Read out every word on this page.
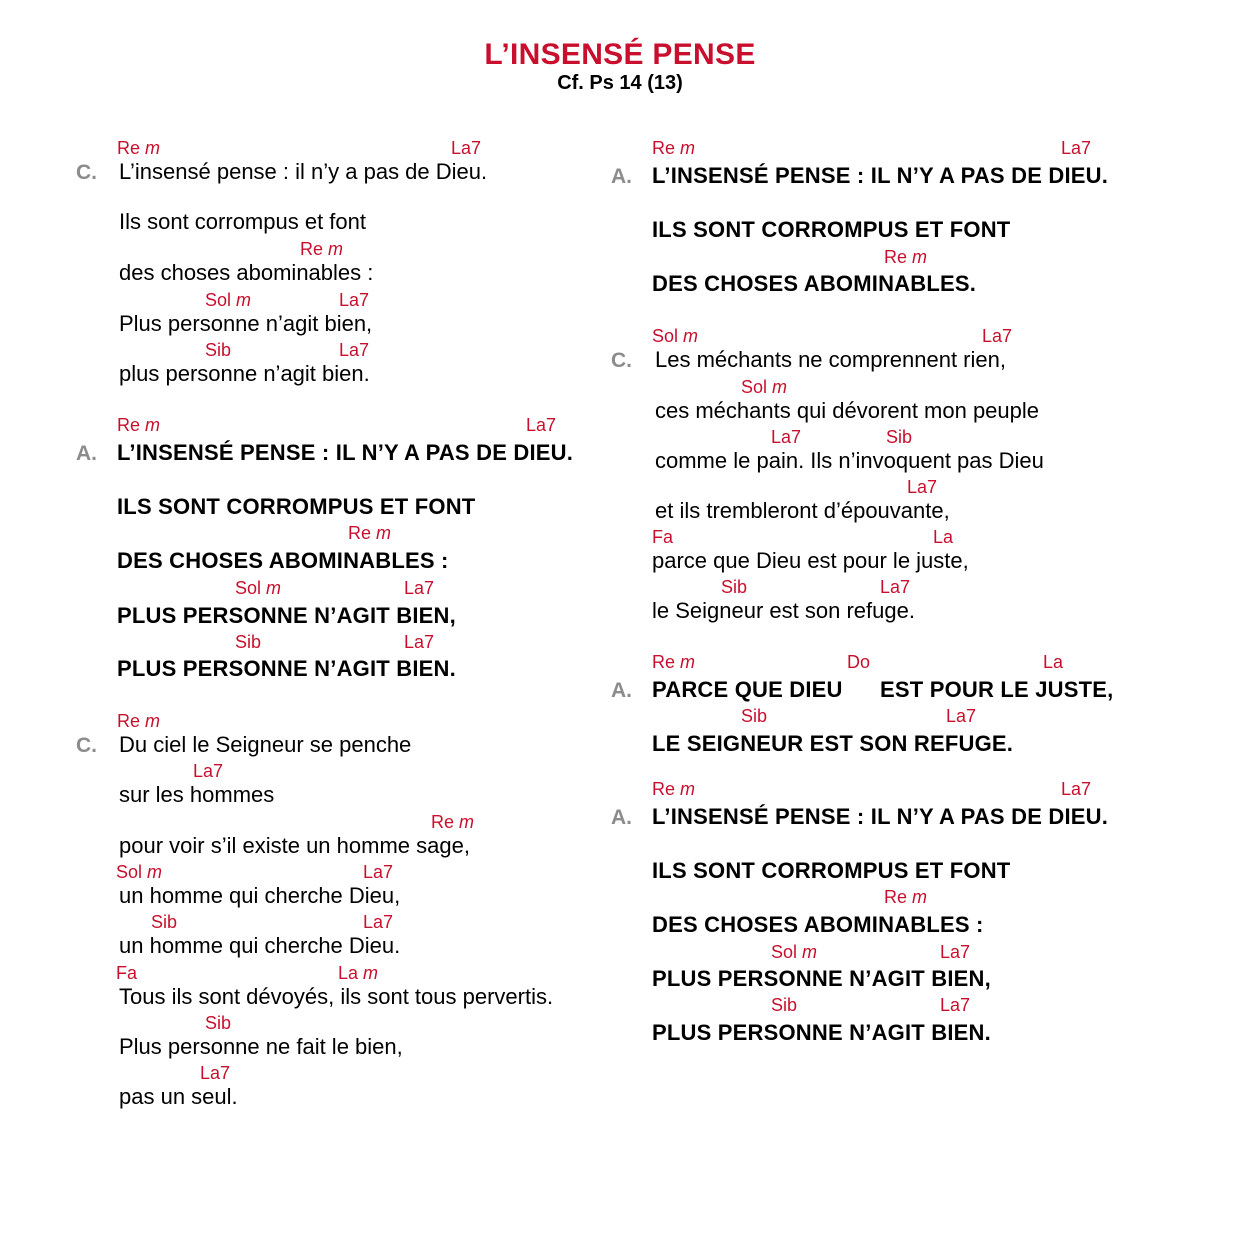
L’INSENSÉ PENSE
Cf. Ps 14 (13)
Re m	La7
C. L’insensé pense : il n’y a pas de Dieu.
Ils sont corrompus et font
Re m
des choses abominables :
Sol m	La7
Plus personne n’agit bien,
Sib	La7
plus personne n’agit bien.
Re m	La7
A. L’INSENSÉ PENSE : IL N’Y A PAS DE DIEU.
ILS SONT CORROMPUS ET FONT
Re m
DES CHOSES ABOMINABLES :
Sol m	La7
PLUS PERSONNE N’AGIT BIEN,
Sib	La7
PLUS PERSONNE N’AGIT BIEN.
Re m
C. Du ciel le Seigneur se penche
La7
sur les hommes
Re m
pour voir s’il existe un homme sage,
Sol m	La7
un homme qui cherche Dieu,
Sib	La7
un homme qui cherche Dieu.
Fa	La m
Tous ils sont dévoyés, ils sont tous pervertis.
Sib
Plus personne ne fait le bien,
La7
pas un seul.
Re m	La7
A. L’INSENSÉ PENSE : IL N’Y A PAS DE DIEU.
ILS SONT CORROMPUS ET FONT
Re m
DES CHOSES ABOMINABLES.
Sol m	La7
C. Les méchants ne comprennent rien,
Sol m
ces méchants qui dévorent mon peuple
La7	Sib
comme le pain. Ils n’invoquent pas Dieu
La7
et ils trembleront d’épouvante,
Fa	La
parce que Dieu est pour le juste,
Sib	La7
le Seigneur est son refuge.
Re m	Do	La
A. PARCE QUE DIEU EST POUR LE JUSTE,
Sib	La7
LE SEIGNEUR EST SON REFUGE.
Re m	La7
A. L’INSENSÉ PENSE : IL N’Y A PAS DE DIEU.
ILS SONT CORROMPUS ET FONT
Re m
DES CHOSES ABOMINABLES :
Sol m	La7
PLUS PERSONNE N’AGIT BIEN,
Sib	La7
PLUS PERSONNE N’AGIT BIEN.
